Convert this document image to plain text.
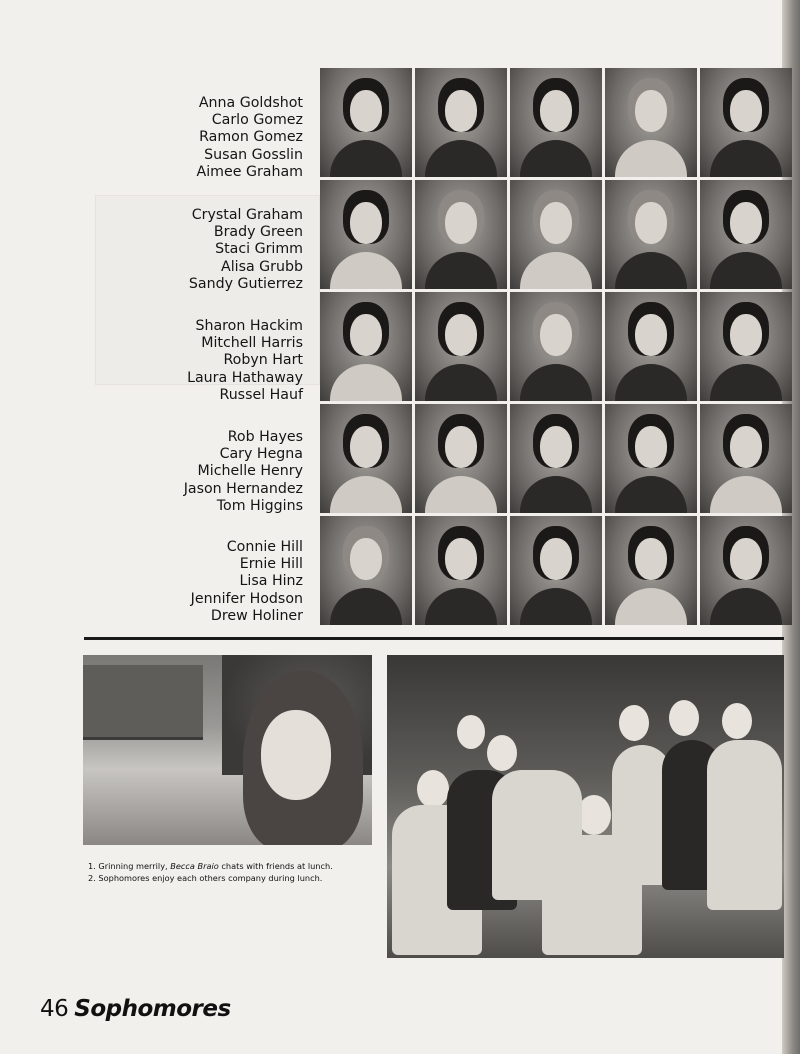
Anna Goldshot
Carlo Gomez
Ramon Gomez
Susan Gosslin
Aimee Graham
Crystal Graham
Brady Green
Staci Grimm
Alisa Grubb
Sandy Gutierrez
Sharon Hackim
Mitchell Harris
Robyn Hart
Laura Hathaway
Russel Hauf
Rob Hayes
Cary Hegna
Michelle Henry
Jason Hernandez
Tom Higgins
Connie Hill
Ernie Hill
Lisa Hinz
Jennifer Hodson
Drew Holiner
1. Grinning merrily, Becca Braio chats with friends at lunch.
2. Sophomores enjoy each others company during lunch.
46 Sophomores
